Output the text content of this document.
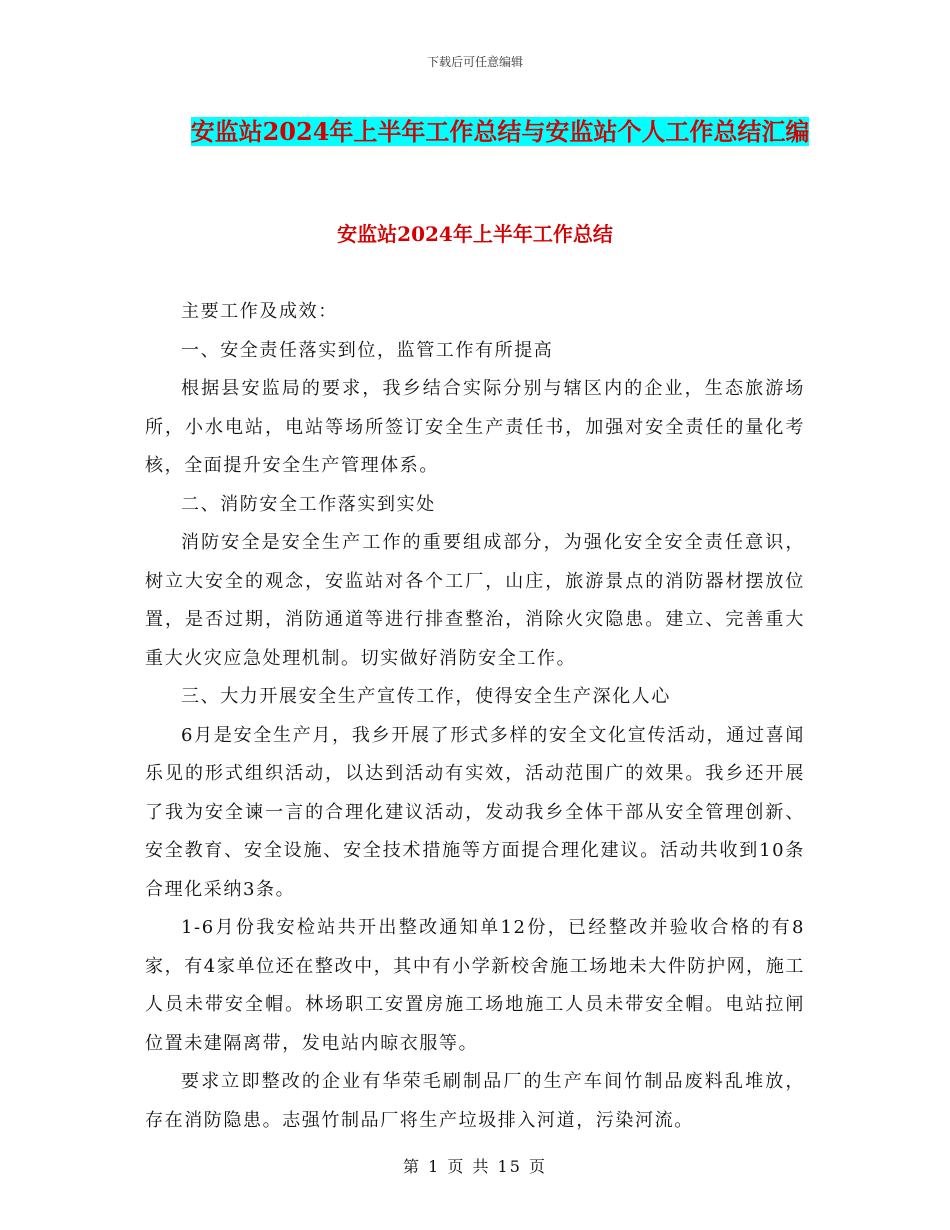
下载后可任意编辑
安监站2024年上半年工作总结与安监站个人工作总结汇编
安监站2024年上半年工作总结

主要工作及成效：

一、安全责任落实到位，监管工作有所提高

根据县安监局的要求，我乡结合实际分别与辖区内的企业，生态旅游场所，小水电站，电站等场所签订安全生产责任书，加强对安全责任的量化考核，全面提升安全生产管理体系。

二、消防安全工作落实到实处

消防安全是安全生产工作的重要组成部分，为强化安全安全责任意识，树立大安全的观念，安监站对各个工厂，山庄，旅游景点的消防器材摆放位置，是否过期，消防通道等进行排查整治，消除火灾隐患。建立、完善重大重大火灾应急处理机制。切实做好消防安全工作。

三、大力开展安全生产宣传工作，使得安全生产深化人心

6月是安全生产月，我乡开展了形式多样的安全文化宣传活动，通过喜闻乐见的形式组织活动，以达到活动有实效，活动范围广的效果。我乡还开展了我为安全谏一言的合理化建议活动，发动我乡全体干部从安全管理创新、安全教育、安全设施、安全技术措施等方面提合理化建议。活动共收到10条合理化采纳3条。

1-6月份我安检站共开出整改通知单12份，已经整改并验收合格的有8家，有4家单位还在整改中，其中有小学新校舍施工场地未大件防护网，施工人员未带安全帽。林场职工安置房施工场地施工人员未带安全帽。电站拉闸位置未建隔离带，发电站内晾衣服等。

要求立即整改的企业有华荣毛刷制品厂的生产车间竹制品废料乱堆放，存在消防隐患。志强竹制品厂将生产垃圾排入河道，污染河流。

第 1 页 共 15 页
